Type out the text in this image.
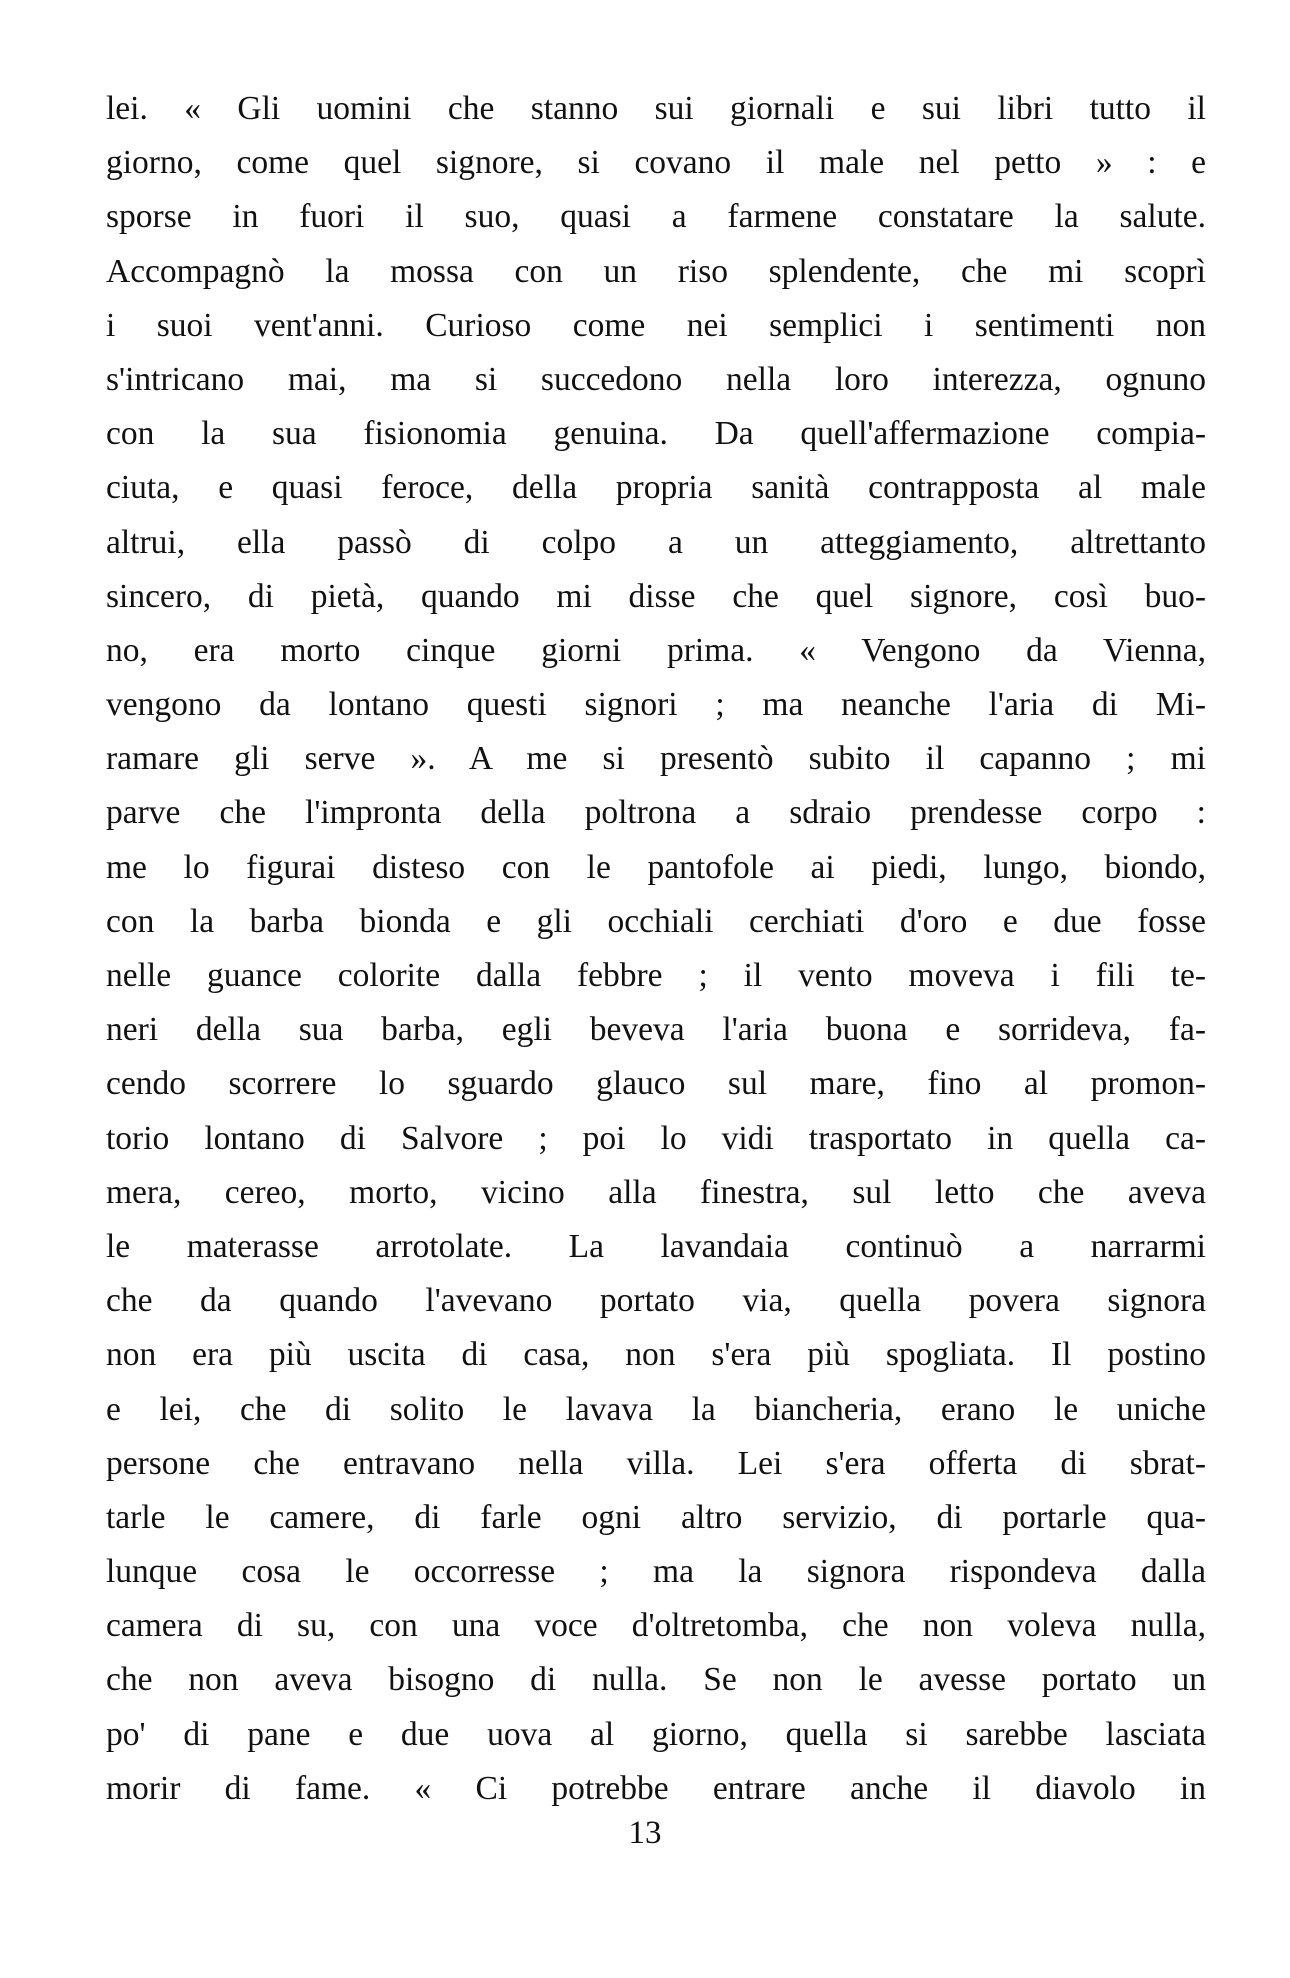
lei. « Gli uomini che stanno sui giornali e sui libri tutto il
giorno, come quel signore, si covano il male nel petto » : e
sporse in fuori il suo, quasi a farmene constatare la salute.
Accompagnò la mossa con un riso splendente, che mi scoprì
i suoi vent'anni. Curioso come nei semplici i sentimenti non
s'intricano mai, ma si succedono nella loro interezza, ognuno
con la sua fisionomia genuina. Da quell'affermazione compia-
ciuta, e quasi feroce, della propria sanità contrapposta al male
altrui, ella passò di colpo a un atteggiamento, altrettanto
sincero, di pietà, quando mi disse che quel signore, così buo-
no, era morto cinque giorni prima. « Vengono da Vienna,
vengono da lontano questi signori ; ma neanche l'aria di Mi-
ramare gli serve ». A me si presentò subito il capanno ; mi
parve che l'impronta della poltrona a sdraio prendesse corpo :
me lo figurai disteso con le pantofole ai piedi, lungo, biondo,
con la barba bionda e gli occhiali cerchiati d'oro e due fosse
nelle guance colorite dalla febbre ; il vento moveva i fili te-
neri della sua barba, egli beveva l'aria buona e sorrideva, fa-
cendo scorrere lo sguardo glauco sul mare, fino al promon-
torio lontano di Salvore ; poi lo vidi trasportato in quella ca-
mera, cereo, morto, vicino alla finestra, sul letto che aveva
le materasse arrotolate. La lavandaia continuò a narrarmi
che da quando l'avevano portato via, quella povera signora
non era più uscita di casa, non s'era più spogliata. Il postino
e lei, che di solito le lavava la biancheria, erano le uniche
persone che entravano nella villa. Lei s'era offerta di sbrat-
tarle le camere, di farle ogni altro servizio, di portarle qua-
lunque cosa le occorresse ; ma la signora rispondeva dalla
camera di su, con una voce d'oltretomba, che non voleva nulla,
che non aveva bisogno di nulla. Se non le avesse portato un
po' di pane e due uova al giorno, quella si sarebbe lasciata
morir di fame. « Ci potrebbe entrare anche il diavolo in
13
